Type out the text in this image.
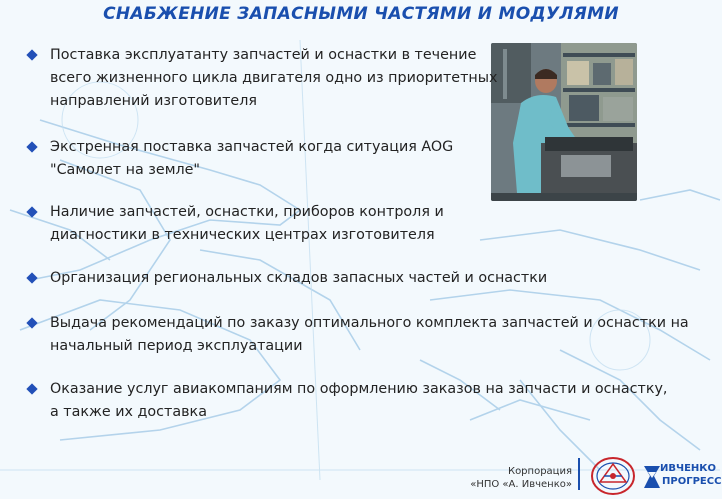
СНАБЖЕНИЕ ЗАПАСНЫМИ ЧАСТЯМИ И МОДУЛЯМИ
Поставка эксплуатанту запчастей и оснастки в течение
всего жизненного цикла двигателя одно из приоритетных
направлений изготовителя
Экстренная поставка запчастей когда ситуация AOG
"Самолет на земле"
Наличие запчастей, оснастки, приборов контроля и
диагностики в технических центрах изготовителя
Организация региональных складов запасных частей и оснастки
Выдача рекомендаций по заказу оптимального комплекта запчастей и оснастки на
начальный период эксплуатации
Оказание услуг авиакомпаниям по оформлению заказов на запчасти и оснастку,
а также их доставка
Корпорация
«НПО «А. Ивченко»
ИВЧЕНКО
ПРОГРЕСС
